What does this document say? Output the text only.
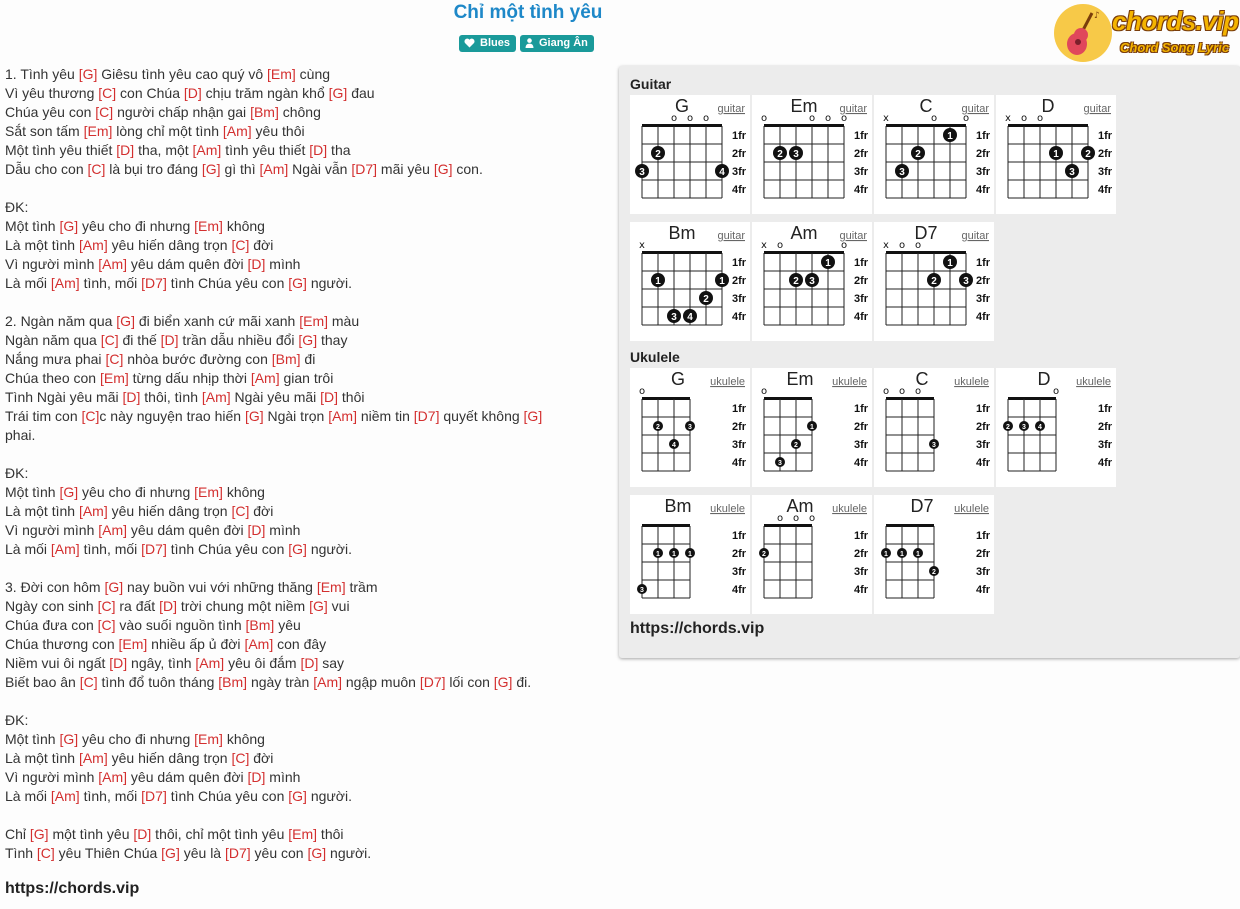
Chỉ một tình yêu
Blues	Giang Ân
♪ chords.vip
Chord Song Lyric
1. Tình yêu [G] Giêsu tình yêu cao quý vô [Em] cùng
Vì yêu thương [C] con Chúa [D] chịu trăm ngàn khổ [G] đau
Chúa yêu con [C] người chấp nhận gai [Bm] chông
Sắt son tấm [Em] lòng chỉ một tình [Am] yêu thôi
Một tình yêu thiết [D] tha, một [Am] tình yêu thiết [D] tha
Dẫu cho con [C] là bụi tro đáng [G] gì thì [Am] Ngài vẫn [D7] mãi yêu [G] con.
ĐK:
Một tình [G] yêu cho đi nhưng [Em] không
Là một tình [Am] yêu hiến dâng trọn [C] đời
Vì người mình [Am] yêu dám quên đời [D] mình
Là mối [Am] tình, mối [D7] tình Chúa yêu con [G] người.
2. Ngàn năm qua [G] đi biển xanh cứ mãi xanh [Em] màu
Ngàn năm qua [C] đi thế [D] trần dẫu nhiều đổi [G] thay
Nắng mưa phai [C] nhòa bước đường con [Bm] đi
Chúa theo con [Em] từng dấu nhịp thời [Am] gian trôi
Tình Ngài yêu mãi [D] thôi, tình [Am] Ngài yêu mãi [D] thôi
Trái tim con [C]c này nguyện trao hiến [G] Ngài trọn [Am] niềm tin [D7] quyết không [G]
phai.
ĐK:
Một tình [G] yêu cho đi nhưng [Em] không
Là một tình [Am] yêu hiến dâng trọn [C] đời
Vì người mình [Am] yêu dám quên đời [D] mình
Là mối [Am] tình, mối [D7] tình Chúa yêu con [G] người.
3. Đời con hôm [G] nay buồn vui với những thăng [Em] trầm
Ngày con sinh [C] ra đất [D] trời chung một niềm [G] vui
Chúa đưa con [C] vào suối nguồn tình [Bm] yêu
Chúa thương con [Em] nhiều ấp ủ đời [Am] con đây
Niềm vui ôi ngất [D] ngây, tình [Am] yêu ôi đắm [D] say
Biết bao ân [C] tình đổ tuôn tháng [Bm] ngày tràn [Am] ngập muôn [D7] lối con [G] đi.
ĐK:
Một tình [G] yêu cho đi nhưng [Em] không
Là một tình [Am] yêu hiến dâng trọn [C] đời
Vì người mình [Am] yêu dám quên đời [D] mình
Là mối [Am] tình, mối [D7] tình Chúa yêu con [G] người.
Chỉ [G] một tình yêu [D] thôi, chỉ một tình yêu [Em] thôi
Tình [C] yêu Thiên Chúa [G] yêu là [D7] yêu con [G] người.
https://chords.vip
Guitar
G	guitar
1fr
2fr
3fr
4fr
o o o
2
3	4
Em guitar
1fr
2fr
3fr
4fr
o	o o o
2 3
C	guitar
1fr
2fr
3fr
4fr
x	o	o
1
2
3
D	guitar
1fr
2fr
3fr
4fr
x o o
1	2
3
Bm guitar
1fr
2fr
3fr
4fr
x
1	1
2
3 4
Am guitar
1fr
2fr
3fr
4fr
x o	o
1
2 3
D7 guitar
1fr
2fr
3fr
4fr
x o o
1
2	3
Ukulele
G ukulele
1fr
2fr
3fr
4fr
o
2	3
4
Em ukulele
1fr
2fr
3fr
4fr
o
1
2
3
C ukulele
1fr
2fr
3fr
4fr
o o o
3
D ukulele
1fr
2fr
3fr
4fr
o
2 3 4
Bm ukulele
1fr
2fr
3fr
4fr
1 1 1
3
Am ukulele
1fr
2fr
3fr
4fr
o o o
2
D7 ukulele
1fr
2fr
3fr
4fr
1 1 1
2
https://chords.vip
